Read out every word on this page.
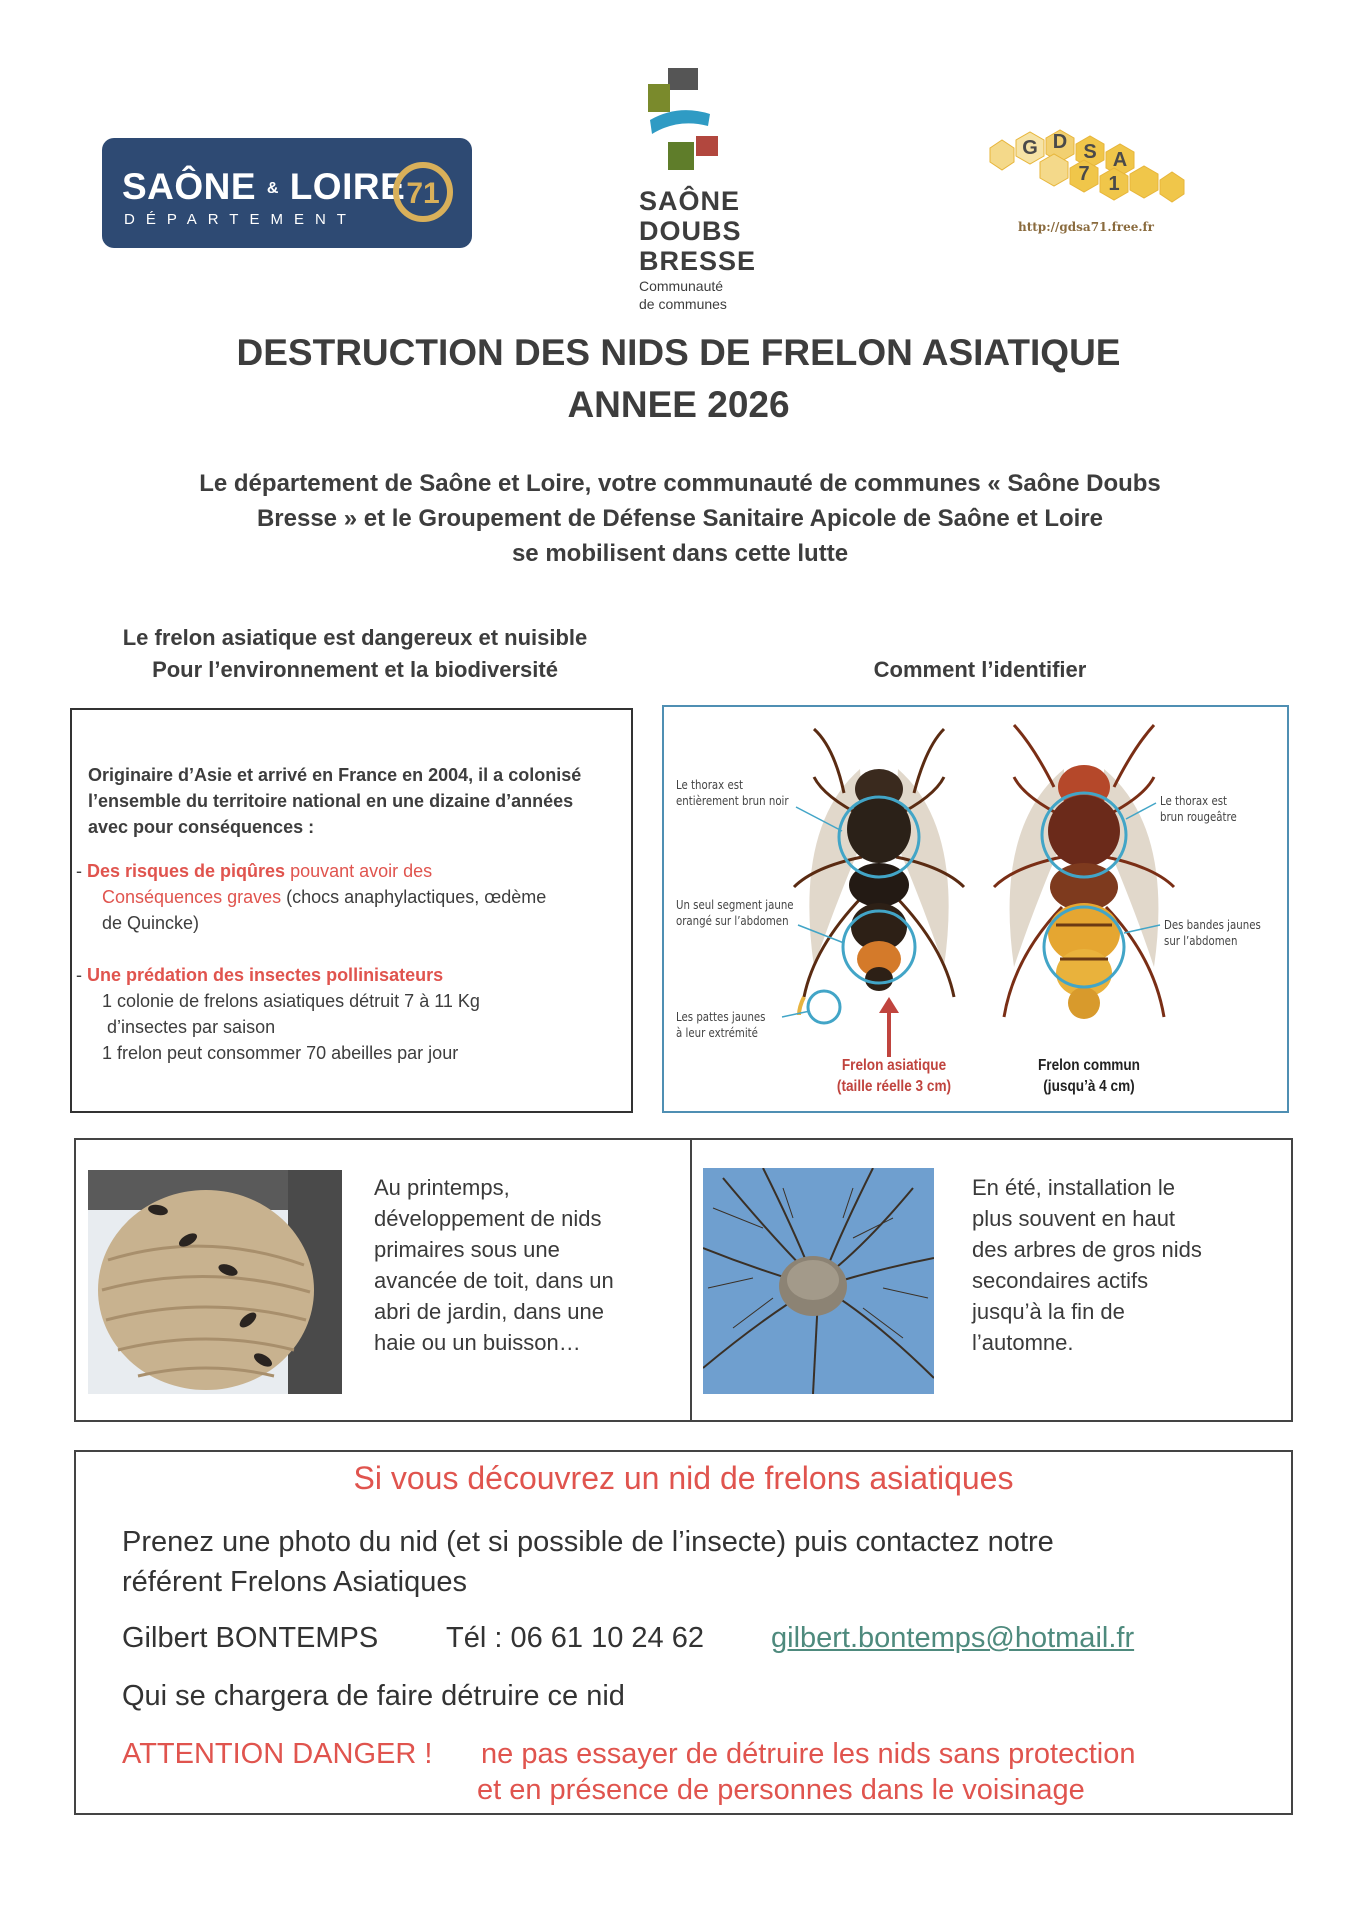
SAÔNE & LOIRE
DÉPARTEMENT
71	SAÔNE
DOUBS
BRESSE
Communauté
de communes
G D S A
7 1
http://gdsa71.free.fr
DESTRUCTION DES NIDS DE FRELON ASIATIQUE
ANNEE 2026
Le département de Saône et Loire, votre communauté de communes « Saône Doubs
Bresse » et le Groupement de Défense Sanitaire Apicole de Saône et Loire
se mobilisent dans cette lutte
Le frelon asiatique est dangereux et nuisible
Pour l’environnement et la biodiversité	Comment l’identifier
Originaire d’Asie et arrivé en France en 2004, il a colonisé l’ensemble du territoire national en une dizaine d’années avec pour conséquences :
- Des risques de piqûres pouvant avoir des
Conséquences graves (chocs anaphylactiques, œdème
de Quincke)
- Une prédation des insectes pollinisateurs
1 colonie de frelons asiatiques détruit 7 à 11 Kg
d’insectes par saison
1 frelon peut consommer 70 abeilles par jour
Le thorax est
entièrement brun noir
Un seul segment jaune
orangé sur l’abdomen
Les pattes jaunes
à leur extrémité
Le thorax est
brun rougeâtre
Des bandes jaunes
sur l’abdomen
Frelon asiatique
(taille réelle 3 cm)
Frelon commun
(jusqu’à 4 cm)
Au printemps,
développement de nids
primaires sous une
avancée de toit, dans un
abri de jardin, dans une
haie ou un buisson…
En été, installation le
plus souvent en haut
des arbres de gros nids
secondaires actifs
jusqu’à la fin de
l’automne.
Si vous découvrez un nid de frelons asiatiques
Prenez une photo du nid (et si possible de l’insecte) puis contactez notre
référent Frelons Asiatiques
Gilbert BONTEMPS Tél : 06 61 10 24 62 gilbert.bontemps@hotmail.fr
Qui se chargera de faire détruire ce nid
ATTENTION DANGER ! ne pas essayer de détruire les nids sans protection
et en présence de personnes dans le voisinage
